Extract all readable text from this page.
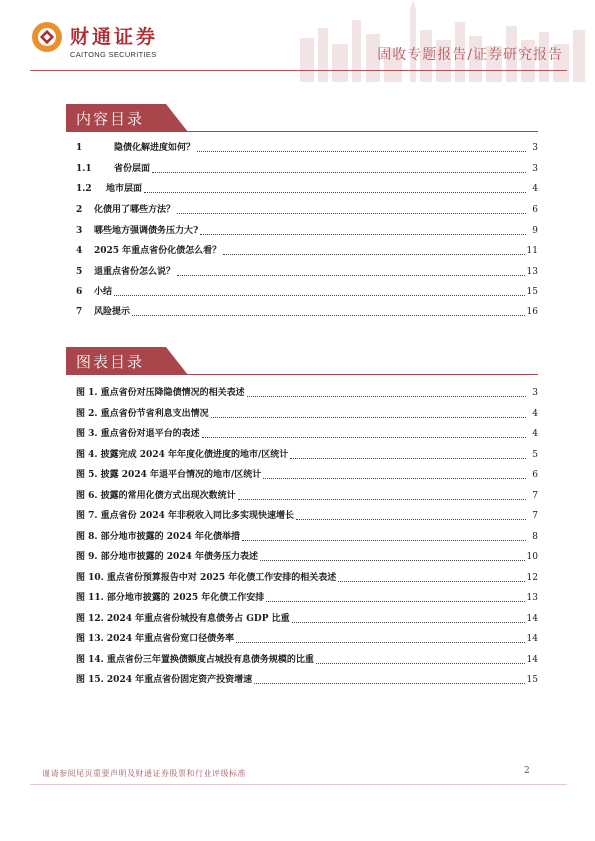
财通证券
CAITONG SECURITIES	固收专题报告/证券研究报告
内容目录
1	隐债化解进度如何？	3
1.1	省份层面	3
1.2	地市层面	4
2	化债用了哪些方法？	6
3	哪些地方强调债务压力大?	9
4	2025 年重点省份化债怎么看？	11
5	退重点省份怎么说？	13
6	小结	15
7	风险提示	16
图表目录
图 1. 重点省份对压降隐债情况的相关表述	3
图 2. 重点省份节省利息支出情况	4
图 3. 重点省份对退平台的表述	4
图 4. 披露完成 2024 年年度化债进度的地市/区统计	5
图 5. 披露 2024 年退平台情况的地市/区统计	6
图 6. 披露的常用化债方式出现次数统计	7
图 7. 重点省份 2024 年非税收入同比多实现快速增长	7
图 8. 部分地市披露的 2024 年化债举措	8
图 9. 部分地市披露的 2024 年债务压力表述	10
图 10. 重点省份预算报告中对 2025 年化债工作安排的相关表述	12
图 11. 部分地市披露的 2025 年化债工作安排	13
图 12. 2024 年重点省份城投有息债务占 GDP 比重	14
图 13. 2024 年重点省份宽口径债务率	14
图 14. 重点省份三年置换债额度占城投有息债务规模的比重	14
图 15. 2024 年重点省份固定资产投资增速	15
谨请参阅尾页重要声明及财通证券股票和行业评级标准	2
